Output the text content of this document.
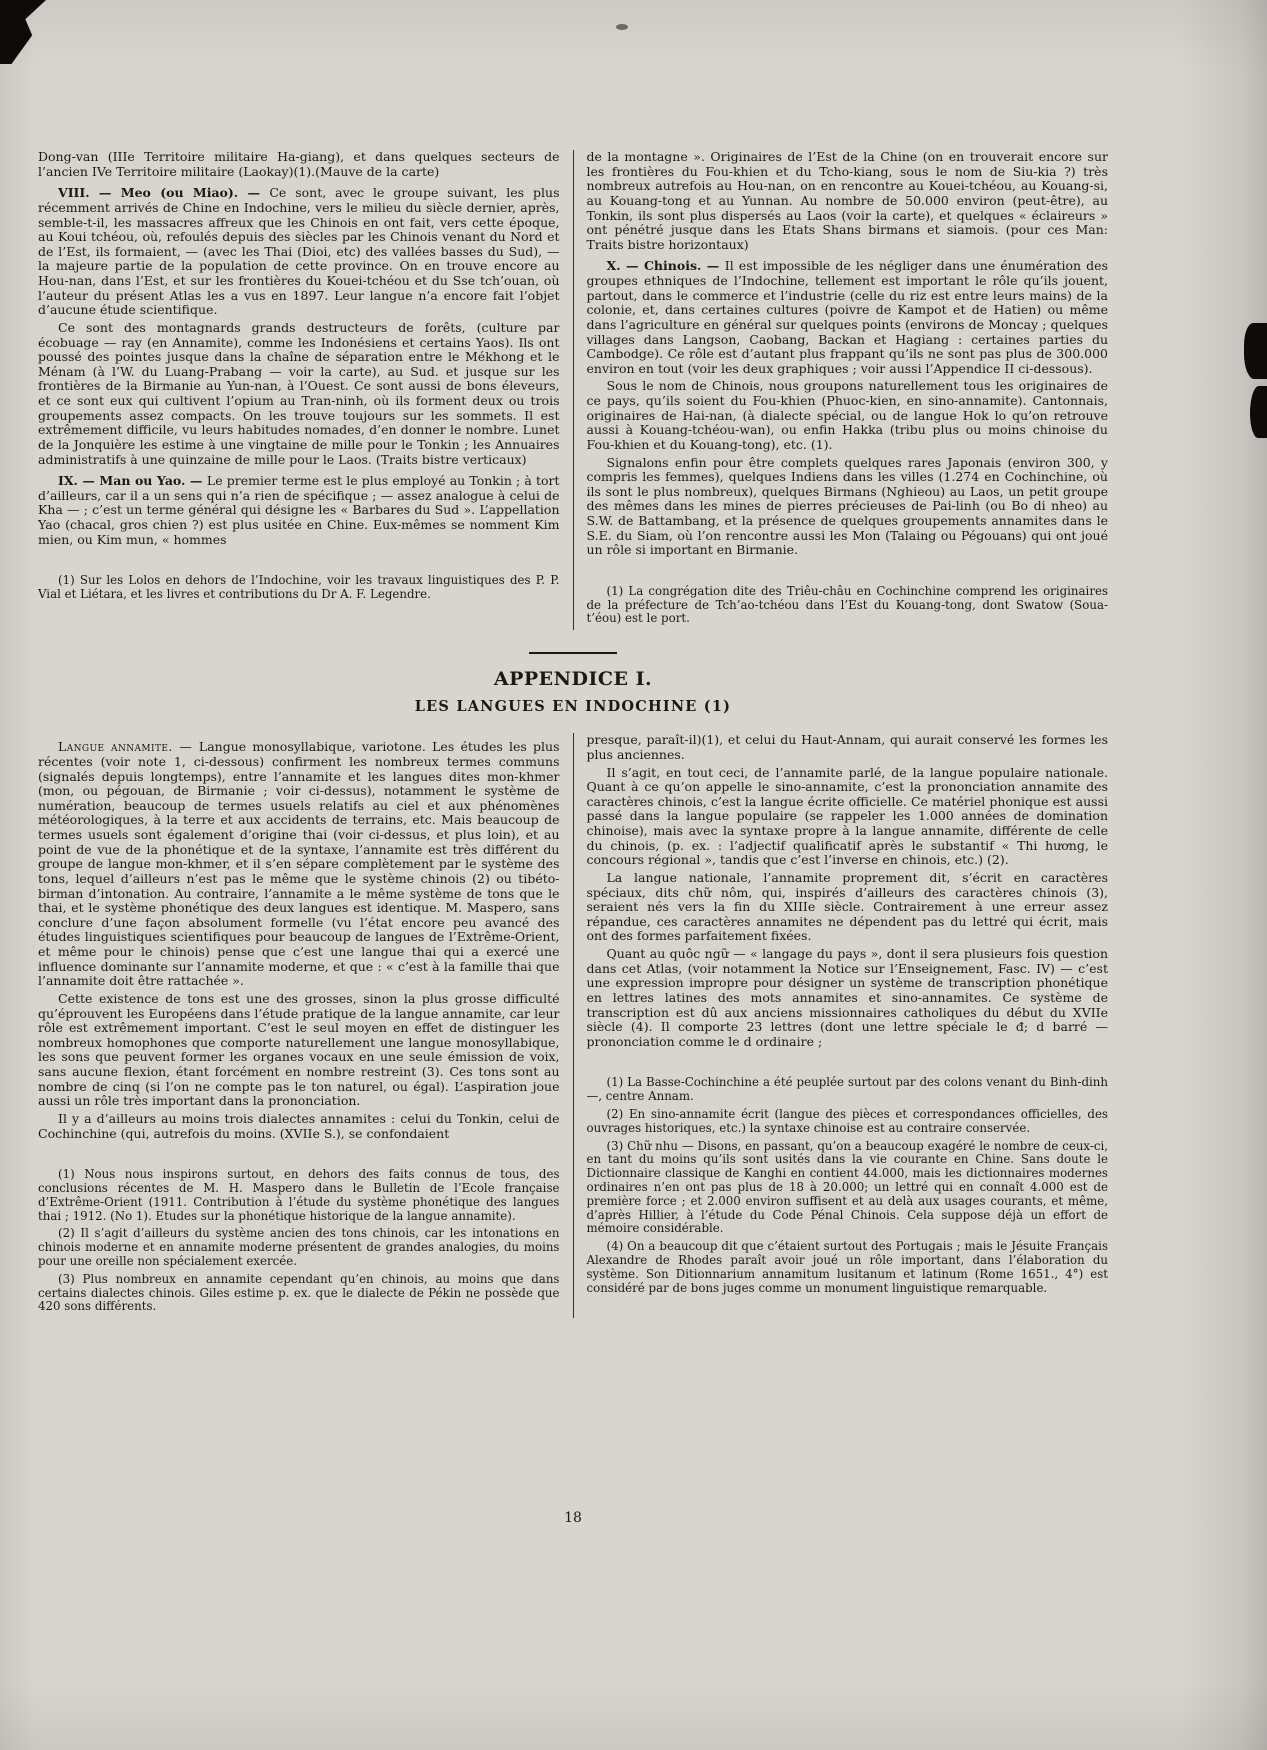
Dong-van (IIIe Territoire militaire Ha-giang), et dans quelques secteurs de l’ancien IVe Territoire militaire (Laokay)(1).(Mauve de la carte)

VIII. — Meo (ou Miao). — Ce sont, avec le groupe suivant, les plus récemment arrivés de Chine en Indochine, vers le milieu du siècle dernier, après, semble-t-il, les massacres affreux que les Chinois en ont fait, vers cette époque, au Koui tchéou, où, refoulés depuis des siècles par les Chinois venant du Nord et de l’Est, ils formaient, — (avec les Thai (Dioi, etc) des vallées basses du Sud), — la majeure partie de la population de cette province. On en trouve encore au Hou-nan, dans l’Est, et sur les frontières du Kouei-tchéou et du Sse tch’ouan, où l’auteur du présent Atlas les a vus en 1897. Leur langue n’a encore fait l’objet d’aucune étude scientifique.

Ce sont des montagnards grands destructeurs de forêts, (culture par écobuage — ray (en Annamite), comme les Indonésiens et certains Yaos). Ils ont poussé des pointes jusque dans la chaîne de séparation entre le Mékhong et le Ménam (à l’W. du Luang-Prabang — voir la carte), au Sud. et jusque sur les frontières de la Birmanie au Yun-nan, à l’Ouest. Ce sont aussi de bons éleveurs, et ce sont eux qui cultivent l’opium au Tran-ninh, où ils forment deux ou trois groupements assez compacts. On les trouve toujours sur les sommets. Il est extrêmement difficile, vu leurs habitudes nomades, d’en donner le nombre. Lunet de la Jonquière les estime à une vingtaine de mille pour le Tonkin ; les Annuaires administratifs à une quinzaine de mille pour le Laos. (Traits bistre verticaux)

IX. — Man ou Yao. — Le premier terme est le plus employé au Tonkin ; à tort d’ailleurs, car il a un sens qui n’a rien de spécifique ; — assez analogue à celui de Kha — ; c’est un terme général qui désigne les « Barbares du Sud ». L’appellation Yao (chacal, gros chien ?) est plus usitée en Chine. Eux-mêmes se nomment Kim mien, ou Kim mun, « hommes

(1) Sur les Lolos en dehors de l’Indochine, voir les travaux linguistiques des P. P. Vial et Liétara, et les livres et contributions du Dr A. F. Legendre.

de la montagne ». Originaires de l’Est de la Chine (on en trouverait encore sur les frontières du Fou-khien et du Tcho-kiang, sous le nom de Siu-kia ?) très nombreux autrefois au Hou-nan, on en rencontre au Kouei-tchéou, au Kouang-si, au Kouang-tong et au Yunnan. Au nombre de 50.000 environ (peut-être), au Tonkin, ils sont plus dispersés au Laos (voir la carte), et quelques « éclaireurs » ont pénétré jusque dans les Etats Shans birmans et siamois. (pour ces Man: Traits bistre horizontaux)

X. — Chinois. — Il est impossible de les négliger dans une énumération des groupes ethniques de l’Indochine, tellement est important le rôle qu’ils jouent, partout, dans le commerce et l’industrie (celle du riz est entre leurs mains) de la colonie, et, dans certaines cultures (poivre de Kampot et de Hatien) ou même dans l’agriculture en général sur quelques points (environs de Moncay ; quelques villages dans Langson, Caobang, Backan et Hagiang : certaines parties du Cambodge). Ce rôle est d’autant plus frappant qu’ils ne sont pas plus de 300.000 environ en tout (voir les deux graphiques ; voir aussi l’Appendice II ci-dessous).

Sous le nom de Chinois, nous groupons naturellement tous les originaires de ce pays, qu’ils soient du Fou-khien (Phuoc-kien, en sino-annamite). Cantonnais, originaires de Hai-nan, (à dialecte spécial, ou de langue Hok lo qu’on retrouve aussi à Kouang-tchéou-wan), ou enfin Hakka (tribu plus ou moins chinoise du Fou-khien et du Kouang-tong), etc. (1).

Signalons enfin pour être complets quelques rares Japonais (environ 300, y compris les femmes), quelques Indiens dans les villes (1.274 en Cochinchine, où ils sont le plus nombreux), quelques Birmans (Nghieou) au Laos, un petit groupe des mêmes dans les mines de pierres précieuses de Pai-linh (ou Bo di nheo) au S.W. de Battambang, et la présence de quelques groupements annamites dans le S.E. du Siam, où l’on rencontre aussi les Mon (Talaing ou Pégouans) qui ont joué un rôle si important en Birmanie.

(1) La congrégation dite des Triêu-châu en Cochinchine comprend les originaires de la préfecture de Tch’ao-tchéou dans l’Est du Kouang-tong, dont Swatow (Soua-t’éou) est le port.

APPENDICE I.
LES LANGUES EN INDOCHINE (1)

Langue annamite. — Langue monosyllabique, variotone. Les études les plus récentes (voir note 1, ci-dessous) confirment les nombreux termes communs (signalés depuis longtemps), entre l’annamite et les langues dites mon-khmer (mon, ou pégouan, de Birmanie ; voir ci-dessus), notamment le système de numération, beaucoup de termes usuels relatifs au ciel et aux phénomènes météorologiques, à la terre et aux accidents de terrains, etc. Mais beaucoup de termes usuels sont également d’origine thai (voir ci-dessus, et plus loin), et au point de vue de la phonétique et de la syntaxe, l’annamite est très différent du groupe de langue mon-khmer, et il s’en sépare complètement par le système des tons, lequel d’ailleurs n’est pas le même que le système chinois (2) ou tibéto-birman d’intonation. Au contraire, l’annamite a le même système de tons que le thai, et le système phonétique des deux langues est identique. M. Maspero, sans conclure d’une façon absolument formelle (vu l’état encore peu avancé des études linguistiques scientifiques pour beaucoup de langues de l’Extrême-Orient, et même pour le chinois) pense que c’est une langue thai qui a exercé une influence dominante sur l’annamite moderne, et que : « c’est à la famille thai que l’annamite doit être rattachée ».

Cette existence de tons est une des grosses, sinon la plus grosse difficulté qu’éprouvent les Européens dans l’étude pratique de la langue annamite, car leur rôle est extrêmement important. C’est le seul moyen en effet de distinguer les nombreux homophones que comporte naturellement une langue monosyllabique, les sons que peuvent former les organes vocaux en une seule émission de voix, sans aucune flexion, étant forcément en nombre restreint (3). Ces tons sont au nombre de cinq (si l’on ne compte pas le ton naturel, ou égal). L’aspiration joue aussi un rôle très important dans la prononciation.

Il y a d’ailleurs au moins trois dialectes annamites : celui du Tonkin, celui de Cochinchine (qui, autrefois du moins. (XVIIe S.), se confondaient

(1) Nous nous inspirons surtout, en dehors des faits connus de tous, des conclusions récentes de M. H. Maspero dans le Bulletin de l’Ecole française d’Extrême-Orient (1911. Contribution à l’étude du système phonétique des langues thai ; 1912. (No 1). Etudes sur la phonétique historique de la langue annamite).

(2) Il s’agit d’ailleurs du système ancien des tons chinois, car les intonations en chinois moderne et en annamite moderne présentent de grandes analogies, du moins pour une oreille non spécialement exercée.

(3) Plus nombreux en annamite cependant qu’en chinois, au moins que dans certains dialectes chinois. Giles estime p. ex. que le dialecte de Pékin ne possède que 420 sons différents.

presque, paraît-il)(1), et celui du Haut-Annam, qui aurait conservé les formes les plus anciennes.

Il s’agit, en tout ceci, de l’annamite parlé, de la langue populaire nationale. Quant à ce qu’on appelle le sino-annamite, c’est la prononciation annamite des caractères chinois, c’est la langue écrite officielle. Ce matériel phonique est aussi passé dans la langue populaire (se rappeler les 1.000 années de domination chinoise), mais avec la syntaxe propre à la langue annamite, différente de celle du chinois, (p. ex. : l’adjectif qualificatif après le substantif « Thi hương, le concours régional », tandis que c’est l’inverse en chinois, etc.) (2).

La langue nationale, l’annamite proprement dit, s’écrit en caractères spéciaux, dits chữ nôm, qui, inspirés d’ailleurs des caractères chinois (3), seraient nés vers la fin du XIIIe siècle. Contrairement à une erreur assez répandue, ces caractères annamites ne dépendent pas du lettré qui écrit, mais ont des formes parfaitement fixées.

Quant au quôc ngữ — « langage du pays », dont il sera plusieurs fois question dans cet Atlas, (voir notamment la Notice sur l’Enseignement, Fasc. IV) — c’est une expression impropre pour désigner un système de transcription phonétique en lettres latines des mots annamites et sino-annamites. Ce système de transcription est dû aux anciens missionnaires catholiques du début du XVIIe siècle (4). Il comporte 23 lettres (dont une lettre spéciale le đ; d barré — prononciation comme le d ordinaire ;

(1) La Basse-Cochinchine a été peuplée surtout par des colons venant du Binh-dinh —, centre Annam.

(2) En sino-annamite écrit (langue des pièces et correspondances officielles, des ouvrages historiques, etc.) la syntaxe chinoise est au contraire conservée.

(3) Chữ nhu — Disons, en passant, qu’on a beaucoup exagéré le nombre de ceux-ci, en tant du moins qu’ils sont usités dans la vie courante en Chine. Sans doute le Dictionnaire classique de Kanghi en contient 44.000, mais les dictionnaires modernes ordinaires n’en ont pas plus de 18 à 20.000; un lettré qui en connaît 4.000 est de première force ; et 2.000 environ suffisent et au delà aux usages courants, et même, d’après Hillier, à l’étude du Code Pénal Chinois. Cela suppose déjà un effort de mémoire considérable.

(4) On a beaucoup dit que c’étaient surtout des Portugais ; mais le Jésuite Français Alexandre de Rhodes paraît avoir joué un rôle important, dans l’élaboration du système. Son Ditionnarium annamitum lusitanum et latinum (Rome 1651., 4°) est considéré par de bons juges comme un monument linguistique remarquable.

18
